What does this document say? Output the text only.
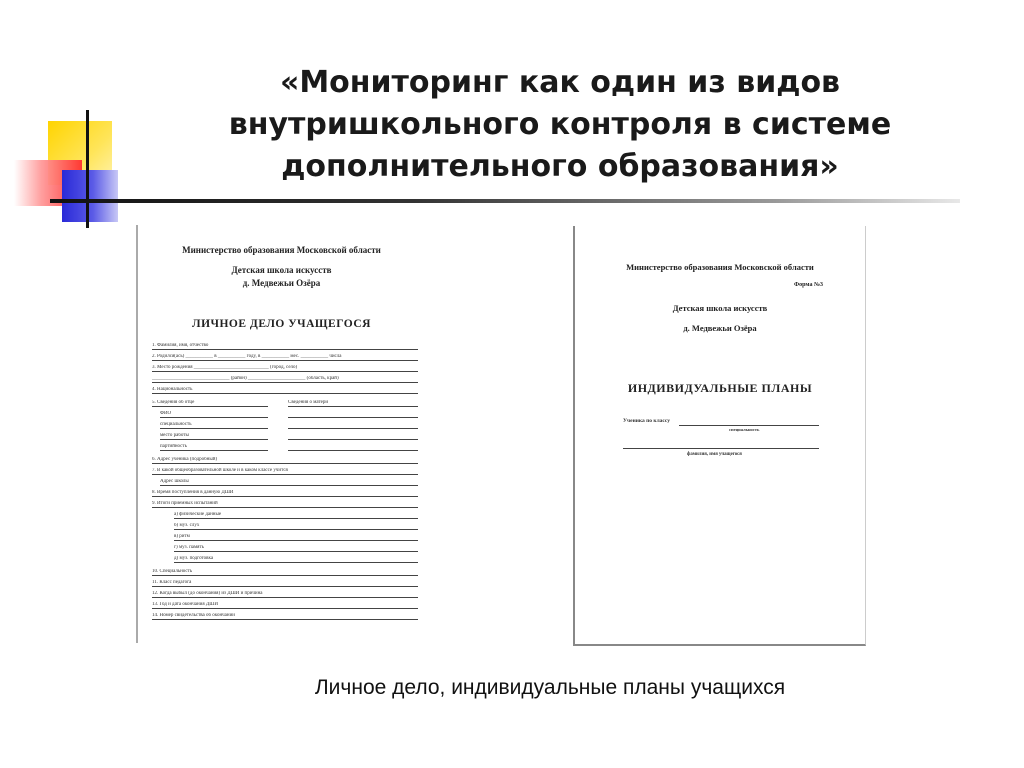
«Мониторинг как один из видов внутришкольного контроля в системе дополнительного образования»
Министерство образования Московской области
Детская школа искусств
д. Медвежьи Озёра
ЛИЧНОЕ ДЕЛО УЧАЩЕГОСЯ
1. Фамилия, имя, отчество
2. Родился(ась) ___________ в ___________ году, в ___________ мес. ___________ числа
3. Место рождения ______________________________ (город, село)
_______________________________ (район) _______________________ (область, край)
4. Национальность
5. Сведения об отце	Сведения о матери
ФИО
специальность
место работы
партийность
6. Адрес ученика (подробный)
7. В какой общеобразовательной школе и в каком классе учится
Адрес школы
8. Время поступления в данную ДШИ
9. Итоги приёмных испытаний
а) физические данные
б) муз. слух
в) ритм
г) муз. память
д) муз. подготовка
10. Специальность
11. Класс педагога
12. Когда выбыл (до окончания) из ДШИ и причина
13. Год и дата окончания ДШИ
14. Номер свидетельства об окончании
Министерство образования Московской области
Форма №3
Детская школа искусств
д. Медвежьи Озёра
ИНДИВИДУАЛЬНЫЕ ПЛАНЫ
Ученика по классу
специальность
фамилия, имя учащегося
Личное дело, индивидуальные планы учащихся
